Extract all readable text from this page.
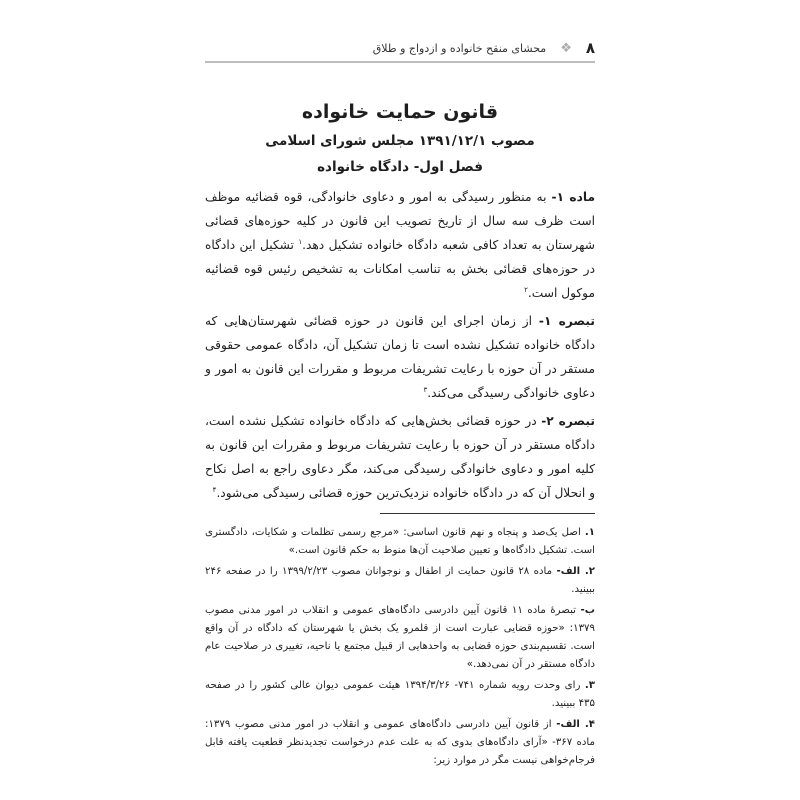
۸
❖
محشای منقح خانواده و ازدواج و طلاق
قانون حمایت خانواده
مصوب ۱۳۹۱/۱۲/۱ مجلس شورای اسلامی
فصل اول- دادگاه خانواده

ماده ۱- به منظور رسیدگی به امور و دعاوی خانوادگی، قوه قضائیه موظف است ظرف سه سال از تاریخ تصویب این قانون در کلیه حوزه‌های قضائی شهرستان به تعداد کافی شعبه دادگاه خانواده تشکیل دهد.$^۱$ تشکیل این دادگاه در حوزه‌های قضائی بخش به تناسب امکانات به تشخیص رئیس قوه قضائیه موکول است.$^۲$

تبصره ۱- از زمان اجرای این قانون در حوزه قضائی شهرستان‌هایی که دادگاه خانواده تشکیل نشده است تا زمان تشکیل آن، دادگاه عمومی حقوقی مستقر در آن حوزه با رعایت تشریفات مربوط و مقررات این قانون به امور و دعاوی خانوادگی رسیدگی می‌کند.$^۳$

تبصره ۲- در حوزه قضائی بخش‌هایی که دادگاه خانواده تشکیل نشده است، دادگاه مستقر در آن حوزه با رعایت تشریفات مربوط و مقررات این قانون به کلیه امور و دعاوی خانوادگی رسیدگی می‌کند، مگر دعاوی راجع به اصل نکاح و انحلال آن که در دادگاه خانواده نزدیک‌ترین حوزه قضائی رسیدگی می‌شود.$^۴$

۱. اصل یک‌صد و پنجاه و نهم قانون اساسی: «مرجع رسمی تظلمات و شکایات، دادگستری است. تشکیل دادگاه‌ها و تعیین صلاحیت آن‌ها منوط به حکم قانون است.»

۲. الف- ماده ۲۸ قانون حمایت از اطفال و نوجوانان مصوب ۱۳۹۹/۲/۲۳ را در صفحه ۲۴۶ ببینید.

ب- تبصرهٔ ماده ۱۱ قانون آیین دادرسی دادگاه‌های عمومی و انقلاب در امور مدنی مصوب ۱۳۷۹: «حوزه قضایی عبارت است از قلمرو یک بخش یا شهرستان که دادگاه در آن واقع است. تقسیم‌بندی حوزه قضایی به واحدهایی از قبیل مجتمع یا ناحیه، تغییری در صلاحیت عام دادگاه مستقر در آن نمی‌دهد.»

۳. رای وحدت رویه شماره ۷۴۱- ۱۳۹۴/۳/۲۶ هیئت عمومی دیوان عالی کشور را در صفحه ۴۳۵ ببینید.

۴. الف- از قانون آیین دادرسی دادگاه‌های عمومی و انقلاب در امور مدنی مصوب ۱۳۷۹: ماده ۳۶۷- «آرای دادگاه‌های بدوی که به علت عدم درخواست تجدیدنظر قطعیت یافته قابل فرجام‌خواهی نیست مگر در موارد زیر:
